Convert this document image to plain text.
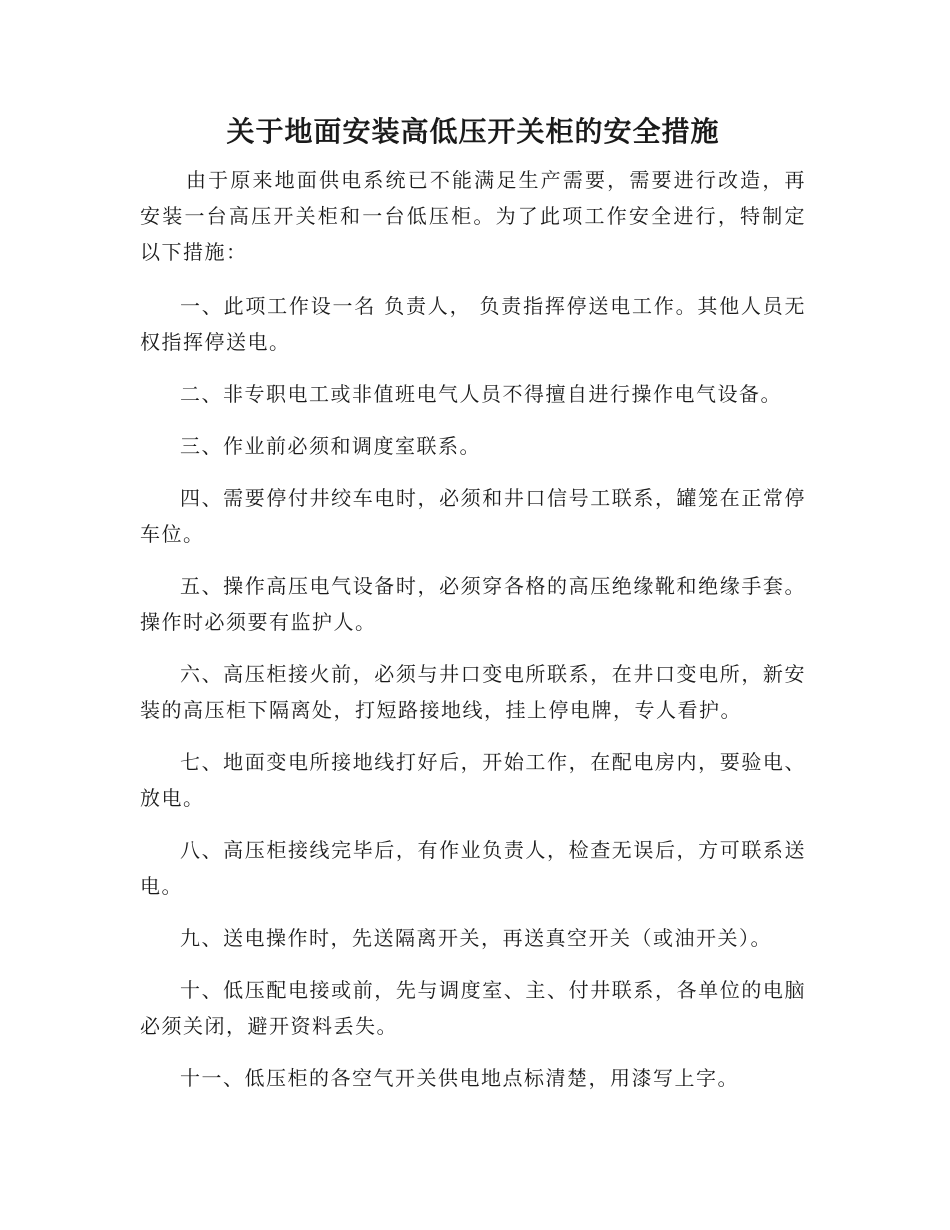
关于地面安装高低压开关柜的安全措施

由于原来地面供电系统已不能满足生产需要，需要进行改造，再安装一台高压开关柜和一台低压柜。为了此项工作安全进行，特制定以下措施：

一、此项工作设一名 负责人， 负责指挥停送电工作。其他人员无权指挥停送电。

二、非专职电工或非值班电气人员不得擅自进行操作电气设备。

三、作业前必须和调度室联系。

四、需要停付井绞车电时，必须和井口信号工联系，罐笼在正常停车位。

五、操作高压电气设备时，必须穿各格的高压绝缘靴和绝缘手套。操作时必须要有监护人。

六、高压柜接火前，必须与井口变电所联系，在井口变电所，新安装的高压柜下隔离处，打短路接地线，挂上停电牌，专人看护。

七、地面变电所接地线打好后，开始工作，在配电房内，要验电、放电。

八、高压柜接线完毕后，有作业负责人，检查无误后，方可联系送电。

九、送电操作时，先送隔离开关，再送真空开关（或油开关）。

十、低压配电接或前，先与调度室、主、付井联系，各单位的电脑必须关闭，避开资料丢失。

十一、低压柜的各空气开关供电地点标清楚，用漆写上字。
